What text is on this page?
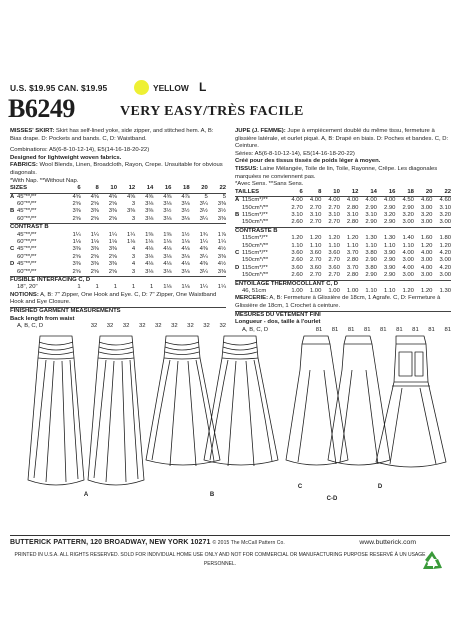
U.S. $19.95 CAN. $19.95	YELLOW L
B6249	VERY EASY/TRÈS FACILE

MISSES' SKIRT: Skirt has self-lined yoke, side zipper, and stitched hem. A, B: Bias drape. D: Pockets and bands. C, D: Waistband.

Combinations: A5(6-8-10-12-14), E5(14-16-18-20-22)

Designed for lightweight woven fabrics.

FABRICS: Wool Blends, Linen, Broadcloth, Rayon, Crepe. Unsuitable for obvious diagonals.

*With Nap. **Without Nap.

SIZES		6	8	10	12	14	16	18	20	22
A	45"**/**	4⅝	4⅝	4⅝	4⅝	4⅝	4⅝	4⅞	5	5
	60"**/**	2⅝	2⅝	2⅝	3	3⅛	3⅛	3⅛	3¼	3⅜
B	45"**/**	3⅜	3⅜	3⅜	3⅜	3⅜	3½	3½	3½	3½
	60"**/**	2⅝	2⅝	2⅝	3	3⅛	3⅛	3⅛	3¼	3⅜
CONTRAST B										
	45"**/**	1¼	1¼	1¼	1¼	1⅜	1⅜	1½	1¾	1⅞
	60"**/**	1⅛	1⅛	1⅛	1⅛	1⅛	1⅛	1⅛	1¼	1¼
C	45"**/**	3⅜	3⅜	3⅜	4	4⅛	4⅛	4⅛	4⅜	4½
	60"**/**	2⅝	2⅝	2⅝	3	3⅛	3⅛	3⅛	3¼	3⅜
D	45"**/**	3⅜	3⅜	3⅜	4	4⅛	4⅛	4⅛	4⅜	4½
	60"**/**	2⅝	2⅝	2⅝	3	3⅛	3⅛	3⅛	3¼	3⅜
FUSIBLE INTERFACING C, D										
	18", 20"	1	1	1	1	1	1⅛	1⅛	1¼	1¼

NOTIONS: A, B: 7" Zipper, One Hook and Eye. C, D: 7" Zipper, One Waistband Hook and Eye Closure.

FINISHED GARMENT MEASUREMENTS

Back length from waist

	A, B, C, D	32	32	32	32	32	32	32	32	32

JUPE (J. FEMME): Jupe à empiècement doublé du même tissu, fermeture à glissière latérale, et ourlet piqué. A, B: Drapé en biais. D: Poches et bandes. C, D: Ceinture.

Séries: A5(6-8-10-12-14), E5(14-16-18-20-22)

Créé pour des tissus tissés de poids léger à moyen.

TISSUS: Laine Mélangée, Toile de lin, Toile, Rayonne, Crêpe. Les diagonales marquées ne conviennent pas.

*Avec Sens. **Sans Sens.

TAILLES		6	8	10	12	14	16	18	20	22
A	115cm*/**	4.00	4.00	4.00	4.00	4.00	4.00	4.50	4.60	4.60
	150cm*/**	2.70	2.70	2.70	2.80	2.90	2.90	2.90	3.00	3.10
B	115cm*/**	3.10	3.10	3.10	3.10	3.10	3.20	3.20	3.20	3.20
	150cm*/**	2.60	2.70	2.70	2.80	2.90	2.90	3.00	3.00	3.00
CONTRASTE B										
	115cm*/**	1.20	1.20	1.20	1.20	1.30	1.30	1.40	1.60	1.80
	150cm*/**	1.10	1.10	1.10	1.10	1.10	1.10	1.10	1.20	1.20
C	115cm*/**	3.60	3.60	3.60	3.70	3.80	3.90	4.00	4.00	4.20
	150cm*/**	2.60	2.70	2.70	2.80	2.90	2.90	3.00	3.00	3.00
D	115cm*/**	3.60	3.60	3.60	3.70	3.80	3.90	4.00	4.00	4.20
	150cm*/**	2.60	2.70	2.70	2.80	2.90	2.90	3.00	3.00	3.00
ENTOILAGE THERMOCOLLANT C, D										
	46, 51cm	1.00	1.00	1.00	1.00	1.10	1.10	1.20	1.20	1.30

MERCERIE: A, B: Fermeture à Glissière de 18cm, 1 Agrafe. C, D: Fermeture à Glissière de 18cm, 1 Crochet à ceinture.

MESURES DU VÊTEMENT FINI

Longueur - dos, taille à l'ourlet

	A, B, C, D	81	81	81	81	81	81	81	81	81
A	B
C
C-D
D
BUTTERICK PATTERN, 120 BROADWAY, NEW YORK 10271 © 2015 The McCall Pattern Co.	www.butterick.com
PRINTED IN U.S.A. ALL RIGHTS RESERVED. SOLD FOR INDIVIDUAL HOME USE ONLY AND NOT FOR COMMERCIAL OR MANUFACTURING PURPOSE RESERVÉ À UN USAGE PERSONNEL.
